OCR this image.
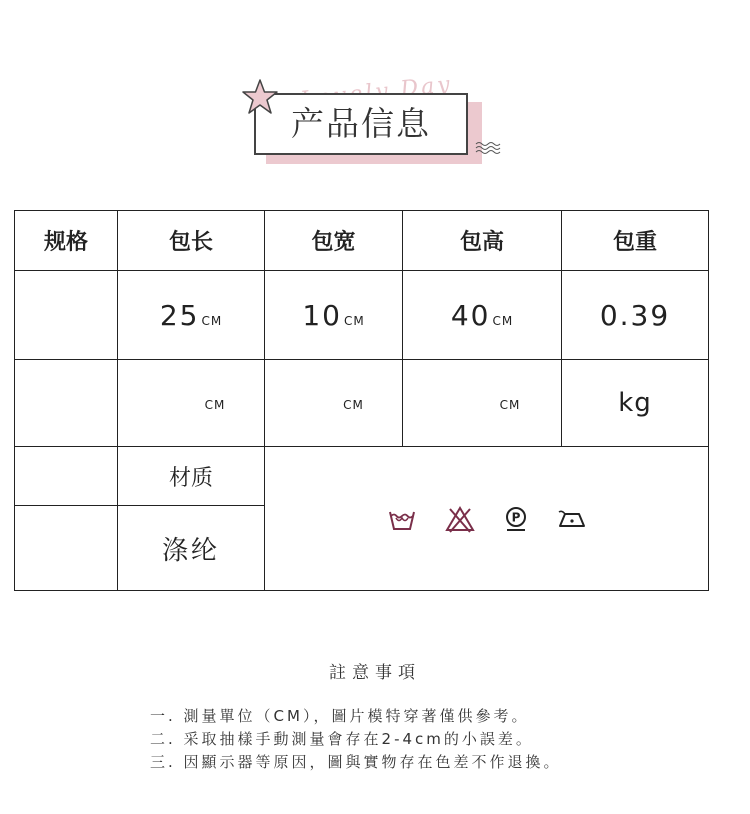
产品信息
规格	包长	包宽	包高	包重
	25 CM	10 CM	40 CM	0.39
	CM	CM	CM	kg
	材质	P		

	涤纶			
註意事項
一. 測量單位（CM），圖片模特穿著僅供參考。
二. 采取抽樣手動測量會存在2-4cm的小誤差。
三. 因顯示器等原因，圖與實物存在色差不作退換。
